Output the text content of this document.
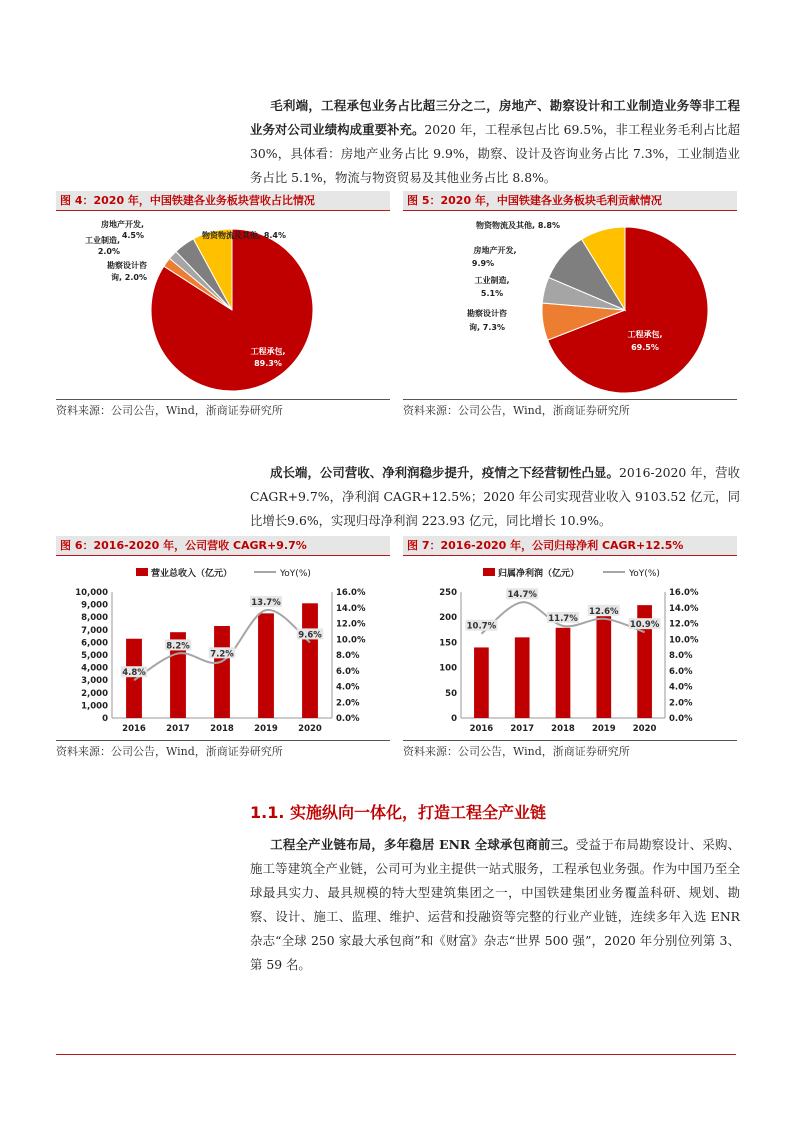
毛利端，工程承包业务占比超三分之二，房地产、勘察设计和工业制造业务等非工程业务对公司业绩构成重要补充。2020 年，工程承包占比 69.5%，非工程业务毛利占比超30%，具体看：房地产业务占比 9.9%，勘察、设计及咨询业务占比 7.3%，工业制造业务占比 5.1%，物流与物资贸易及其他业务占比 8.8%。
图 4：2020 年，中国铁建各业务板块营收占比情况	图 5：2020 年，中国铁建各业务板块毛利贡献情况
物资物流及其他, 8.4%
房地产开发,
4.5%
工业制造,
2.0%
勘察设计咨
询, 2.0%
工程承包,
89.3%
物资物流及其他, 8.8%
房地产开发,
9.9%
工业制造,
5.1%
勘察设计咨
询, 7.3%
工程承包,
69.5%
资料来源：公司公告，Wind，浙商证券研究所	资料来源：公司公告，Wind，浙商证券研究所
成长端，公司营收、净利润稳步提升，疫情之下经营韧性凸显。2016-2020 年，营收CAGR+9.7%，净利润 CAGR+12.5%；2020 年公司实现营业收入 9103.52 亿元，同比增长9.6%，实现归母净利润 223.93 亿元，同比增长 10.9%。
图 6：2016-2020 年，公司营收 CAGR+9.7%	图 7：2016-2020 年，公司归母净利 CAGR+12.5%
营业总收入（亿元）	YoY(%)
0
1,000
2,000
3,000
4,000
5,000
6,000
7,000
8,000
9,000
10,000
0.0%
2.0%
4.0%
6.0%
8.0%
10.0%
12.0%
14.0%
16.0%
2016 2017 2018 2019 2020
4.8%
8.2%
7.2%
13.7%
9.6%
归属净利润（亿元）	YoY(%)
0
50
100
150
200
250
0.0%
2.0%
4.0%
6.0%
8.0%
10.0%
12.0%
14.0%
16.0%
2016 2017 2018 2019 2020
10.7%
14.7%
11.7%
12.6%
10.9%
资料来源：公司公告，Wind，浙商证券研究所	资料来源：公司公告，Wind，浙商证券研究所
1.1. 实施纵向一体化，打造工程全产业链
工程全产业链布局，多年稳居 ENR 全球承包商前三。受益于布局勘察设计、采购、施工等建筑全产业链，公司可为业主提供一站式服务，工程承包业务强。作为中国乃至全球最具实力、最具规模的特大型建筑集团之一，中国铁建集团业务覆盖科研、规划、勘察、设计、施工、监理、维护、运营和投融资等完整的行业产业链，连续多年入选 ENR 杂志“全球 250 家最大承包商”和《财富》杂志“世界 500 强”，2020 年分别位列第 3、第 59 名。
